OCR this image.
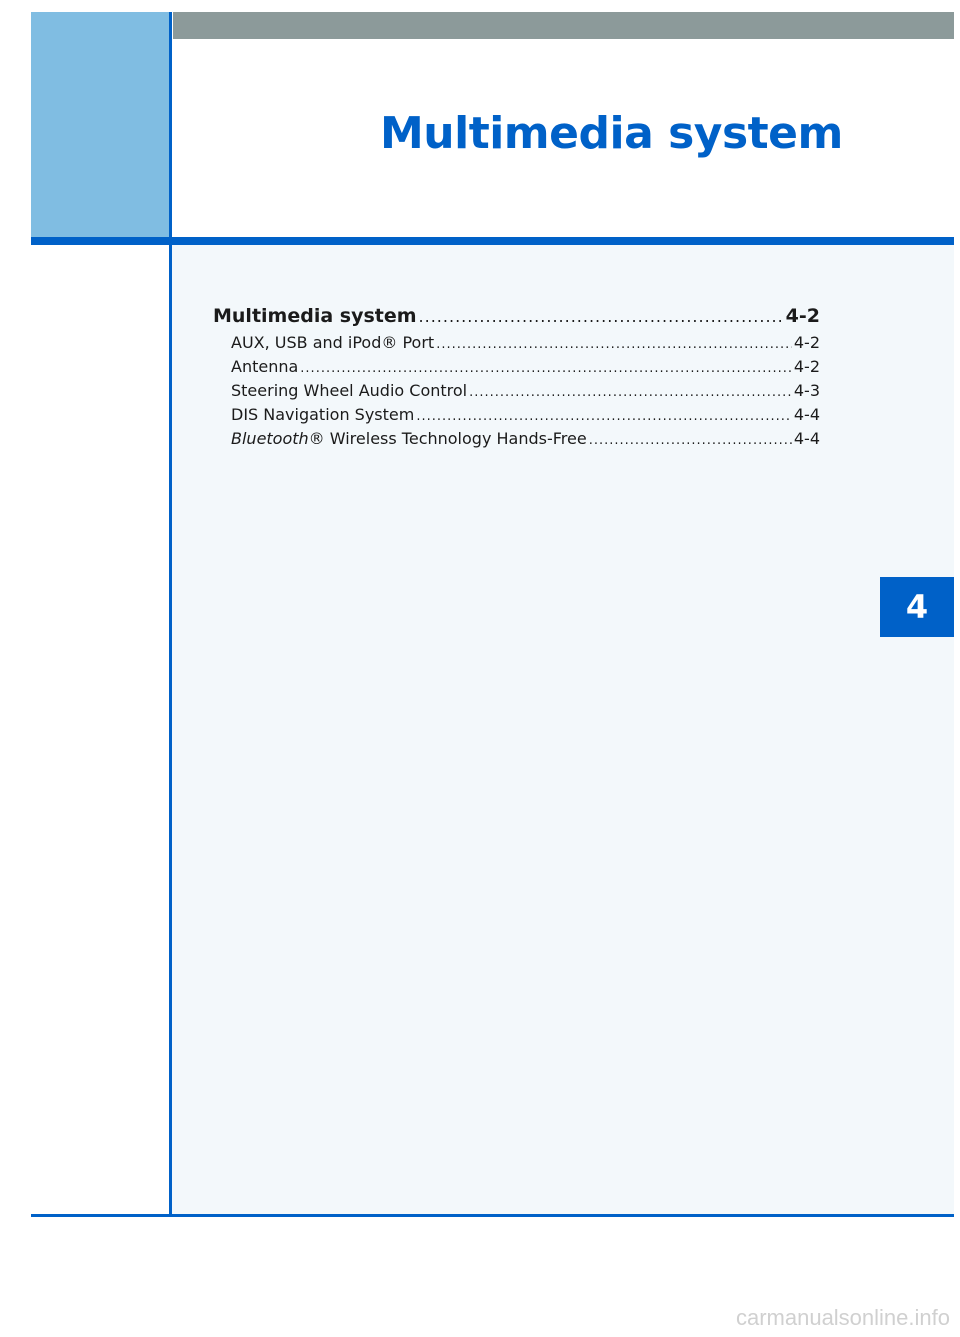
Multimedia system
Multimedia system .....	4-2
AUX, USB and iPod® Port .....	4-2
Antenna .....	4-2
Steering Wheel Audio Control .....	4-3
DIS Navigation System .....	4-4
Bluetooth® Wireless Technology Hands-Free .....	4-4
4
carmanualsonline.info
